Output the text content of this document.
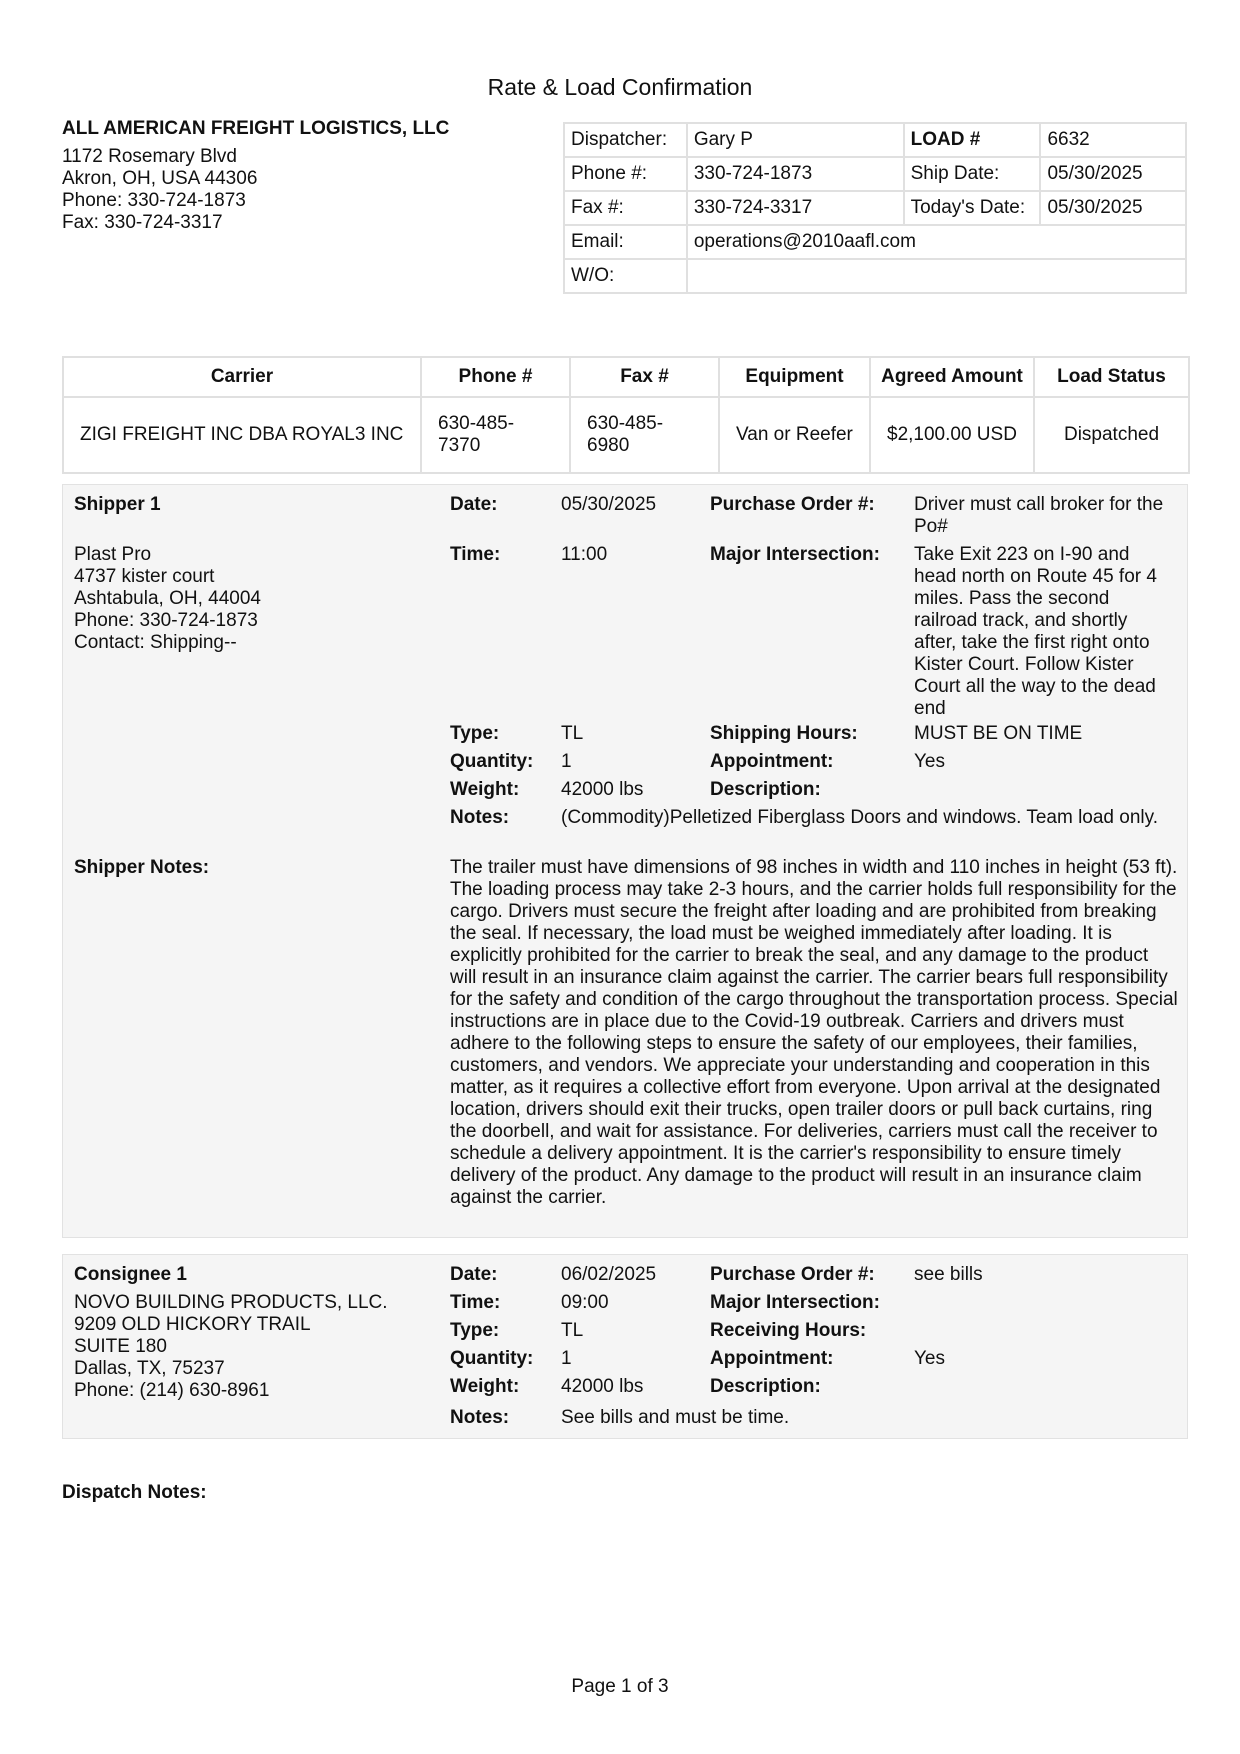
Rate & Load Confirmation
ALL AMERICAN FREIGHT LOGISTICS, LLC
1172 Rosemary Blvd
Akron, OH, USA 44306
Phone: 330-724-1873
Fax: 330-724-3317
Dispatcher:	Gary P	LOAD #	6632
Phone #:	330-724-1873	Ship Date:	05/30/2025
Fax #:	330-724-3317	Today's Date:	05/30/2025
Email:	operations@2010aafl.com		
W/O:			
Carrier	Phone #	Fax #	Equipment	Agreed Amount	Load Status
ZIGI FREIGHT INC DBA ROYAL3 INC	630-485-7370	630-485-6980	Van or Reefer	$2,100.00 USD	Dispatched
Shipper 1
Plast Pro
4737 kister court
Ashtabula, OH, 44004
Phone: 330-724-1873
Contact: Shipping--
Date:	05/30/2025	Purchase Order #: Driver must call broker for the Po#
Time:	11:00	Major Intersection: Take Exit 223 on I-90 and head north on Route 45 for 4 miles. Pass the second railroad track, and shortly after, take the first right onto Kister Court. Follow Kister Court all the way to the dead end
Type:	TL	Shipping Hours:	MUST BE ON TIME
Quantity: 1	Appointment:	Yes
Weight: 42000 lbs	Description:
Notes:	(Commodity)Pelletized Fiberglass Doors and windows. Team load only.
Shipper Notes:	The trailer must have dimensions of 98 inches in width and 110 inches in height (53 ft). The loading process may take 2-3 hours, and the carrier holds full responsibility for the cargo. Drivers must secure the freight after loading and are prohibited from breaking the seal. If necessary, the load must be weighed immediately after loading. It is explicitly prohibited for the carrier to break the seal, and any damage to the product will result in an insurance claim against the carrier. The carrier bears full responsibility for the safety and condition of the cargo throughout the transportation process. Special instructions are in place due to the Covid-19 outbreak. Carriers and drivers must adhere to the following steps to ensure the safety of our employees, their families, customers, and vendors. We appreciate your understanding and cooperation in this matter, as it requires a collective effort from everyone. Upon arrival at the designated location, drivers should exit their trucks, open trailer doors or pull back curtains, ring the doorbell, and wait for assistance. For deliveries, carriers must call the receiver to schedule a delivery appointment. It is the carrier's responsibility to ensure timely delivery of the product. Any damage to the product will result in an insurance claim against the carrier.
Consignee 1
NOVO BUILDING PRODUCTS, LLC.
9209 OLD HICKORY TRAIL
SUITE 180
Dallas, TX, 75237
Phone: (214) 630-8961
Date:	06/02/2025	Purchase Order #: see bills
Time:	09:00	Major Intersection:
Type:	TL	Receiving Hours:
Quantity: 1	Appointment:	Yes
Weight: 42000 lbs	Description:
Notes:	See bills and must be time.
Dispatch Notes:
Page 1 of 3
